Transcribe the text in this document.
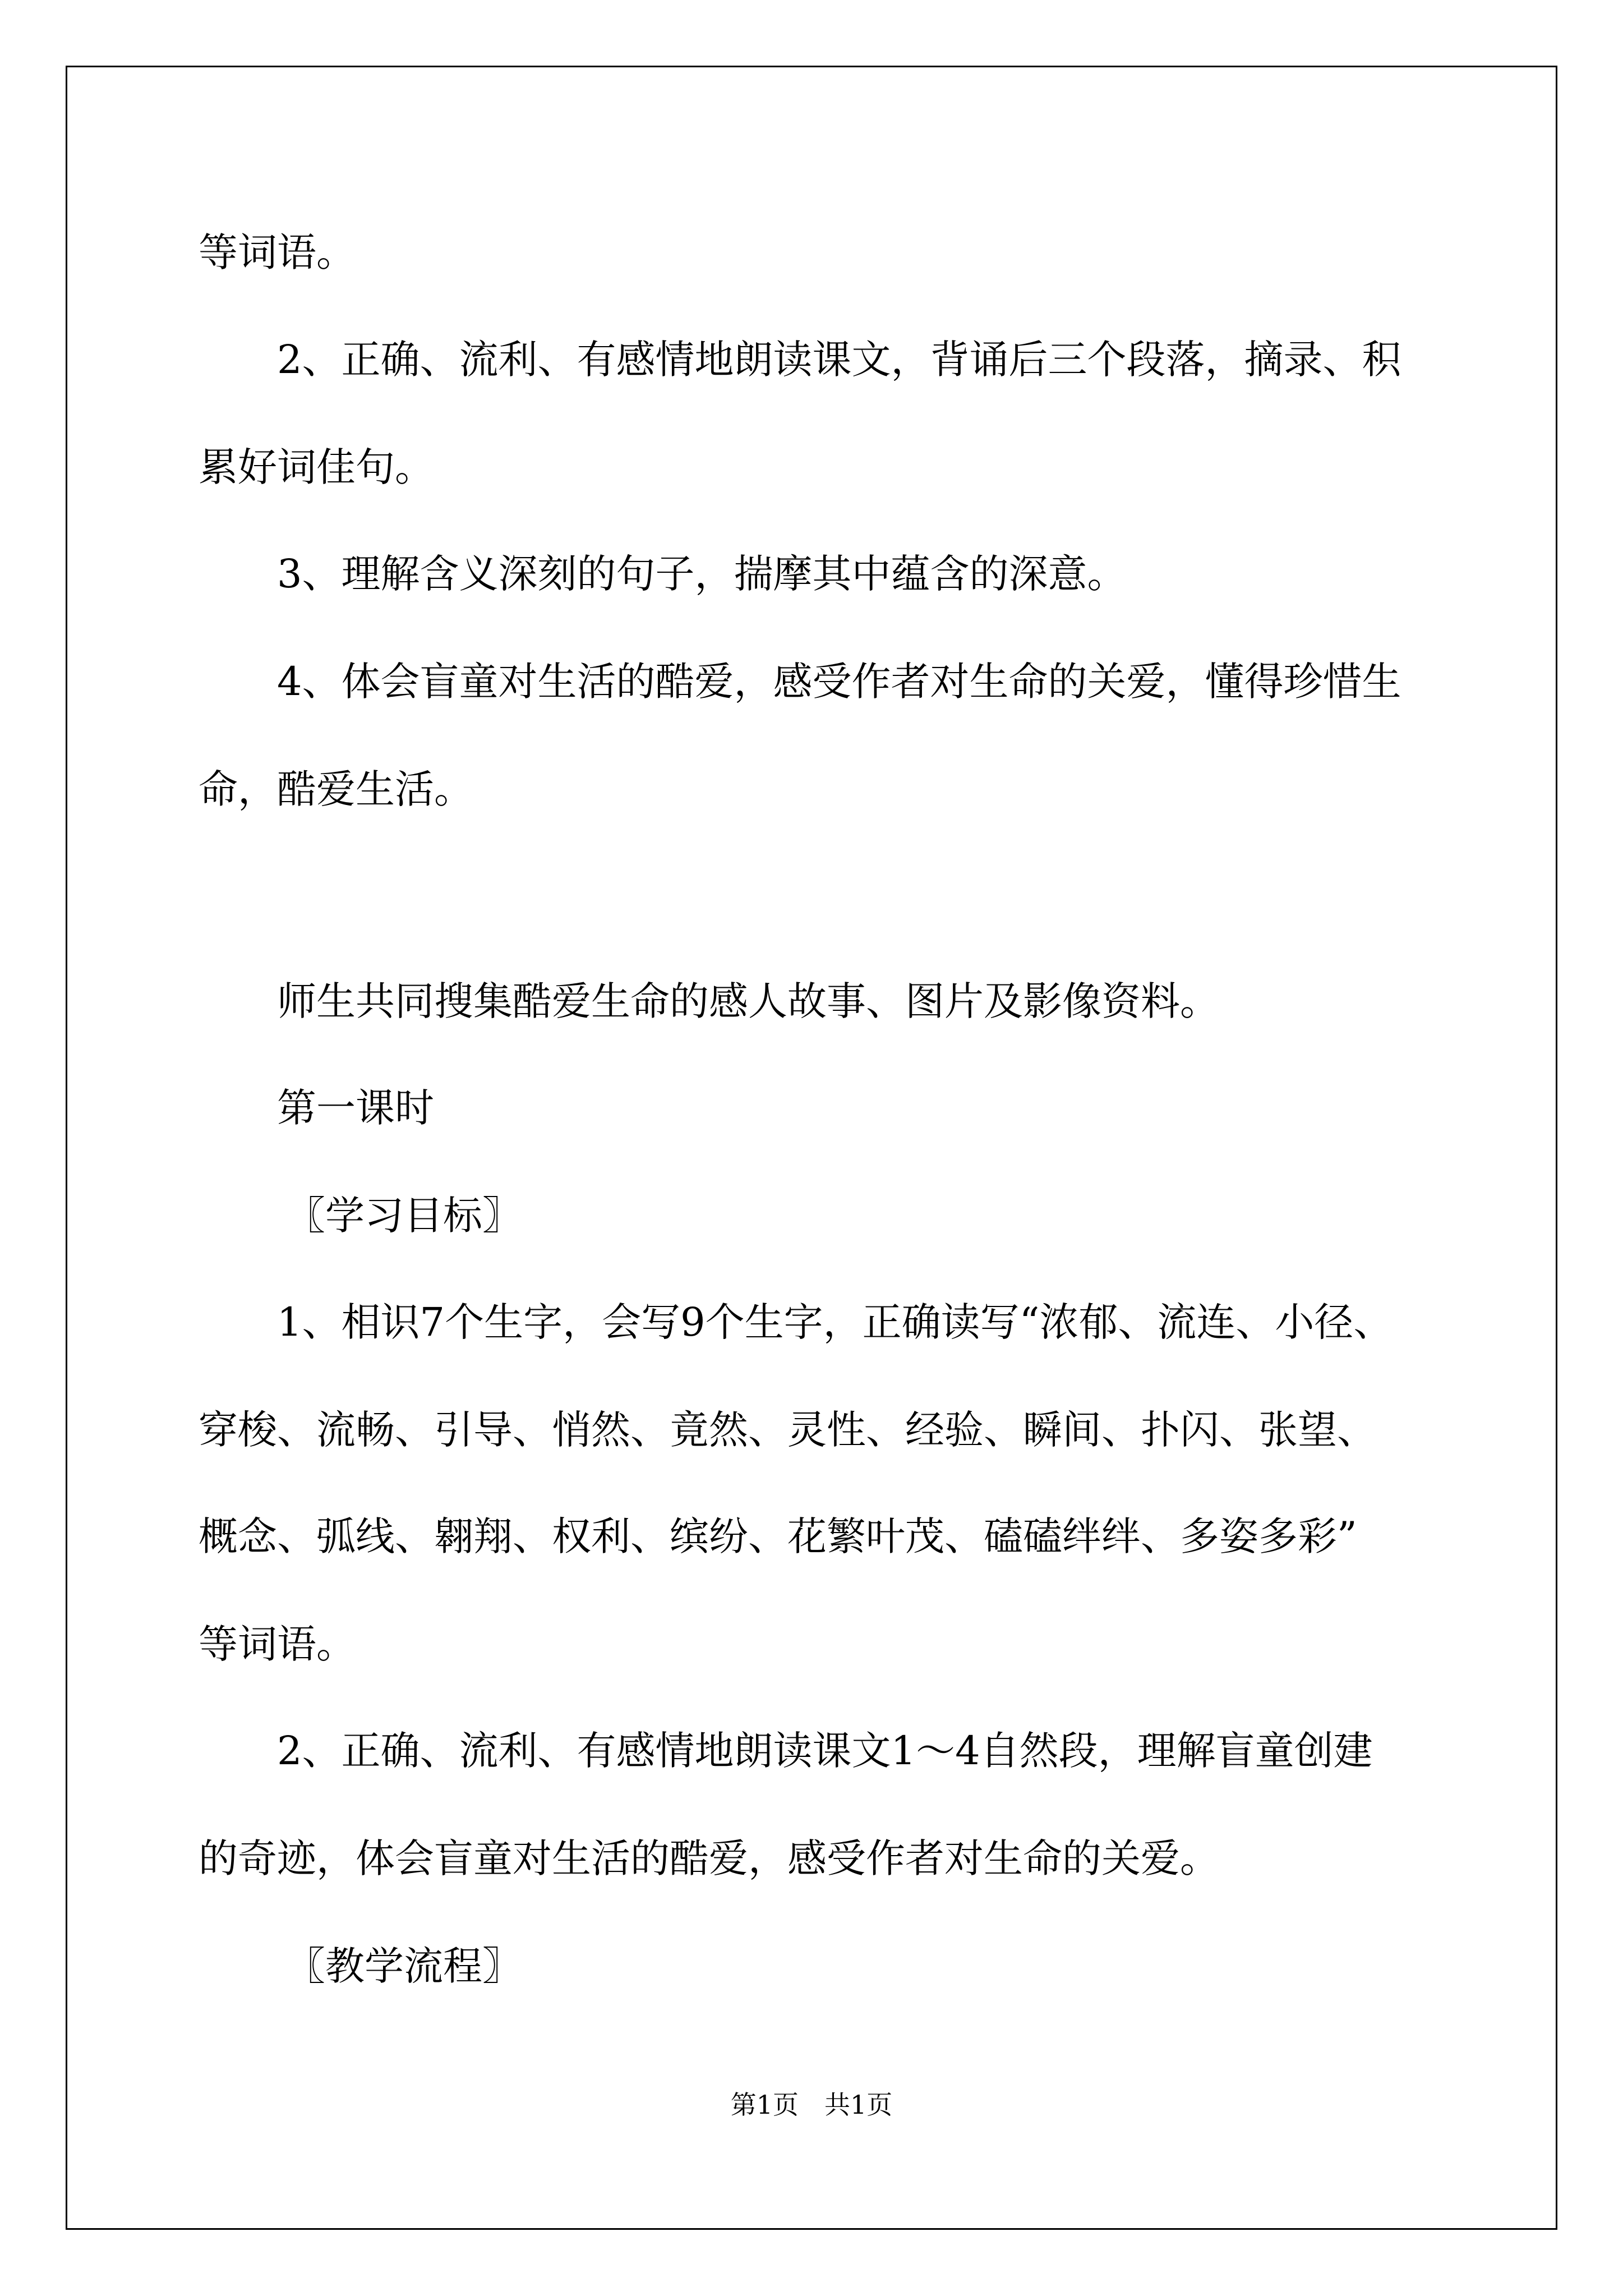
等词语。
2、正确、流利、有感情地朗读课文，背诵后三个段落，摘录、积
累好词佳句。
3、理解含义深刻的句子，揣摩其中蕴含的深意。
4、体会盲童对生活的酷爱，感受作者对生命的关爱，懂得珍惜生
命，酷爱生活。
师生共同搜集酷爱生命的感人故事、图片及影像资料。
第一课时
〖学习目标〗
1、相识7个生字，会写9个生字，正确读写“浓郁、流连、小径、
穿梭、流畅、引导、悄然、竟然、灵性、经验、瞬间、扑闪、张望、
概念、弧线、翱翔、权利、缤纷、花繁叶茂、磕磕绊绊、多姿多彩”
等词语。
2、正确、流利、有感情地朗读课文1～4自然段，理解盲童创建
的奇迹，体会盲童对生活的酷爱，感受作者对生命的关爱。
〖教学流程〗
第1页　共1页
